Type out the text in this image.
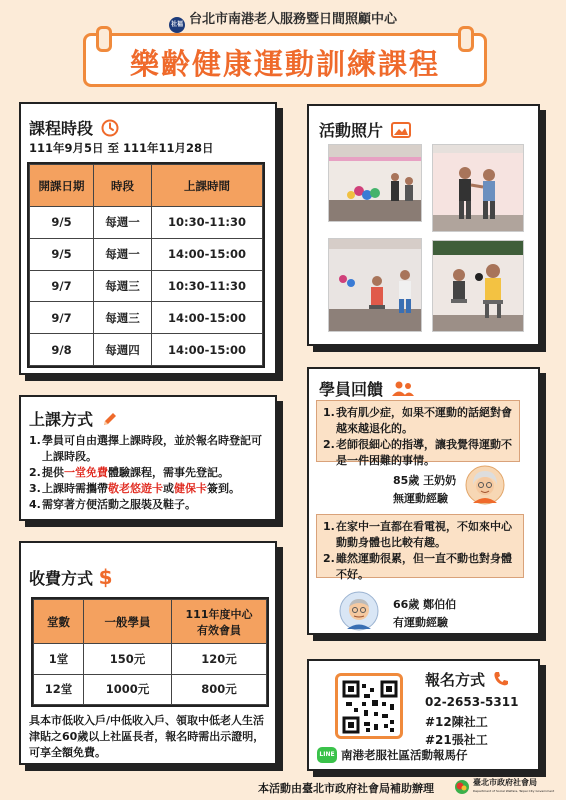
社福 台北市南港老人服務暨日間照顧中心
樂齡健康運動訓練課程
課程時段
111年9月5日 至 111年11月28日
開課日期	時段	上課時間
9/5	每週一	10:30-11:30
9/5	每週一	14:00-15:00
9/7	每週三	10:30-11:30
9/7	每週三	14:00-15:00
9/8	每週四	14:00-15:00
上課方式
1. 學員可自由選擇上課時段，並於報名時登記可上課時段。
2. 提供一堂免費體驗課程，需事先登記。
3. 上課時需攜帶敬老悠遊卡或健保卡簽到。
4. 需穿著方便活動之服裝及鞋子。
收費方式 $
堂數	一般學員	111年度中心
有效會員
1堂	150元	120元
12堂	1000元	800元
具本市低收入戶/中低收入戶、領取中低老人生活津貼之60歲以上社區長者，報名時需出示證明，可享全額免費。
活動照片
學員回饋
1. 我有肌少症，如果不運動的話絕對會越來越退化的。
2. 老師很細心的指導，讓我覺得運動不是一件困難的事情。
85歲 王奶奶
無運動經驗
1. 在家中一直都在看電視，不如來中心動動身體也比較有趣。
2. 雖然運動很累，但一直不動也對身體不好。
66歲 鄭伯伯
有運動經驗
報名方式
02-2653-5311
#12陳社工
#21張社工
LINE 南港老服社區活動報馬仔
本活動由臺北市政府社會局補助辦理	臺北市政府社會局
Department of Social Welfare, Taipei City Government
